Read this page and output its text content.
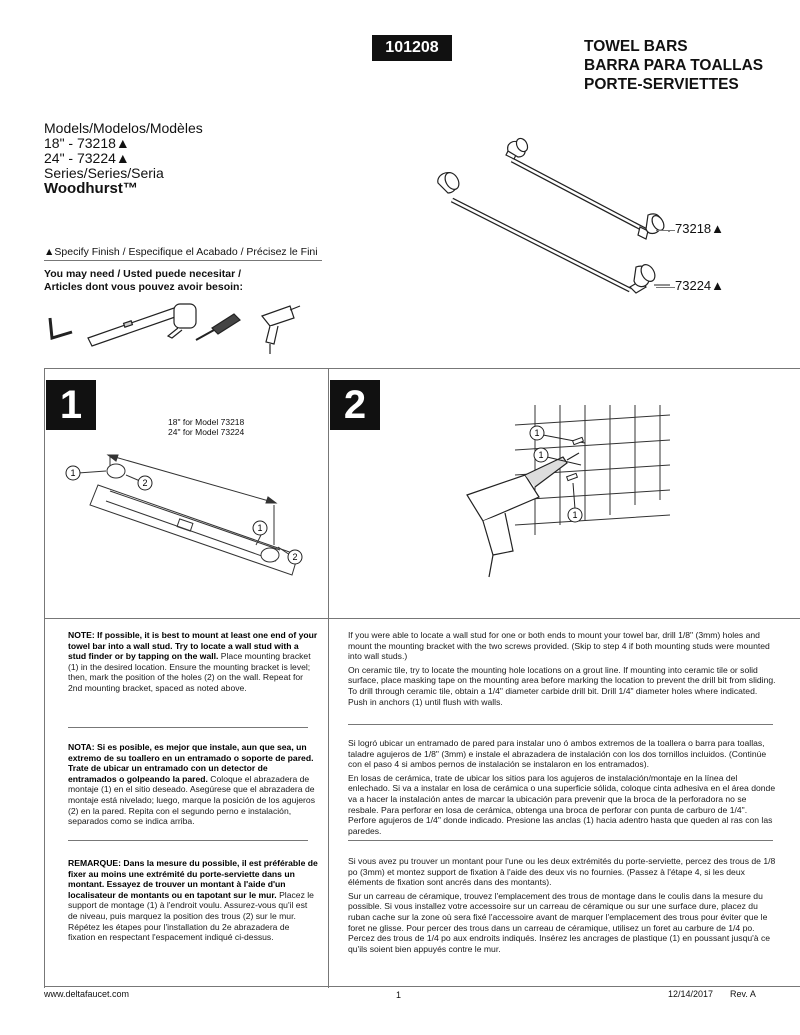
101208	TOWEL BARS
BARRA PARA TOALLAS
PORTE-SERVIETTES
Models/Modelos/Modèles
18" - 73218▲
24" - 73224▲
Series/Series/Seria
Woodhurst™
73218▲
73224▲
▲Specify Finish / Especifique el Acabado / Précisez le Fini
You may need / Usted puede necesitar /
Articles dont vous pouvez avoir besoin:
1
1
2
1
2
18" for Model 73218
24" for Model 73224
NOTE: If possible, it is best to mount at least one end of your towel bar into a wall stud. Try to locate a wall stud with a stud finder or by tapping on the wall. Place mounting bracket (1) in the desired location. Ensure the mounting bracket is level; then, mark the position of the holes (2) on the wall. Repeat for 2nd mounting bracket, spaced as noted above.
NOTA: Si es posible, es mejor que instale, aun que sea, un extremo de su toallero en un entramado o soporte de pared. Trate de ubicar un entramado con un detector de entramados o golpeando la pared. Coloque el abrazadera de montaje (1) en el sitio deseado. Asegúrese que el abrazadera de montaje está nivelado; luego, marque la posición de los agujeros (2) en la pared. Repita con el segundo perno e instalación, separados como se indica arriba.
REMARQUE: Dans la mesure du possible, il est préférable de fixer au moins une extrémité du porte-serviette dans un montant. Essayez de trouver un montant à l'aide d'un localisateur de montants ou en tapotant sur le mur. Placez le support de montage (1) à l'endroit voulu. Assurez-vous qu'il est de niveau, puis marquez la position des trous (2) sur le mur. Répétez les étapes pour l'installation du 2e abrazadera de fixation en respectant l'espacement indiqué ci-dessus.
2
1
1
1

If you were able to locate a wall stud for one or both ends to mount your towel bar, drill 1/8" (3mm) holes and mount the mounting bracket with the two screws provided. (Skip to step 4 if both mounting studs were mounted into wall studs.)

On ceramic tile, try to locate the mounting hole locations on a grout line. If mounting into ceramic tile or solid surface, place masking tape on the mounting area before marking the location to prevent the drill bit from sliding. To drill through ceramic tile, obtain a 1/4" diameter carbide drill bit. Drill 1/4" diameter holes where indicated. Push in anchors (1) until flush with walls.

Si logró ubicar un entramado de pared para instalar uno ó ambos extremos de la toallera o barra para toallas, taladre agujeros de 1/8" (3mm) e instale el abrazadera de instalación con los dos tornillos incluidos. (Continúe con el paso 4 si ambos pernos de instalación se instalaron en los entramados).

En losas de cerámica, trate de ubicar los sitios para los agujeros de instalación/montaje en la línea del enlechado. Si va a instalar en losa de cerámica o una superficie sólida, coloque cinta adhesiva en el área donde va a hacer la instalación antes de marcar la ubicación para prevenir que la broca de la perforadora no se resbale. Para perforar en losa de cerámica, obtenga una broca de perforar con punta de carburo de 1/4". Perfore agujeros de 1/4" donde indicado. Presione las anclas (1) hacia adentro hasta que queden al ras con las paredes.

Si vous avez pu trouver un montant pour l'une ou les deux extrémités du porte-serviette, percez des trous de 1/8 po (3mm) et montez support de fixation à l'aide des deux vis no fournies. (Passez à l'étape 4, si les deux éléments de fixation sont ancrés dans des montants).

Sur un carreau de céramique, trouvez l'emplacement des trous de montage dans le coulis dans la mesure du possible. Si vous installez votre accessoire sur un carreau de céramique ou sur une surface dure, placez du ruban cache sur la zone où sera fixé l'accessoire avant de marquer l'emplacement des trous pour éviter que le foret ne glisse. Pour percer des trous dans un carreau de céramique, utilisez un foret au carbure de 1/4 po. Percez des trous de 1/4 po aux endroits indiqués. Insérez les ancrages de plastique (1) en poussant jusqu'à ce qu'ils soient bien appuyés contre le mur.

www.deltafaucet.com	1	12/14/2017 Rev. A
